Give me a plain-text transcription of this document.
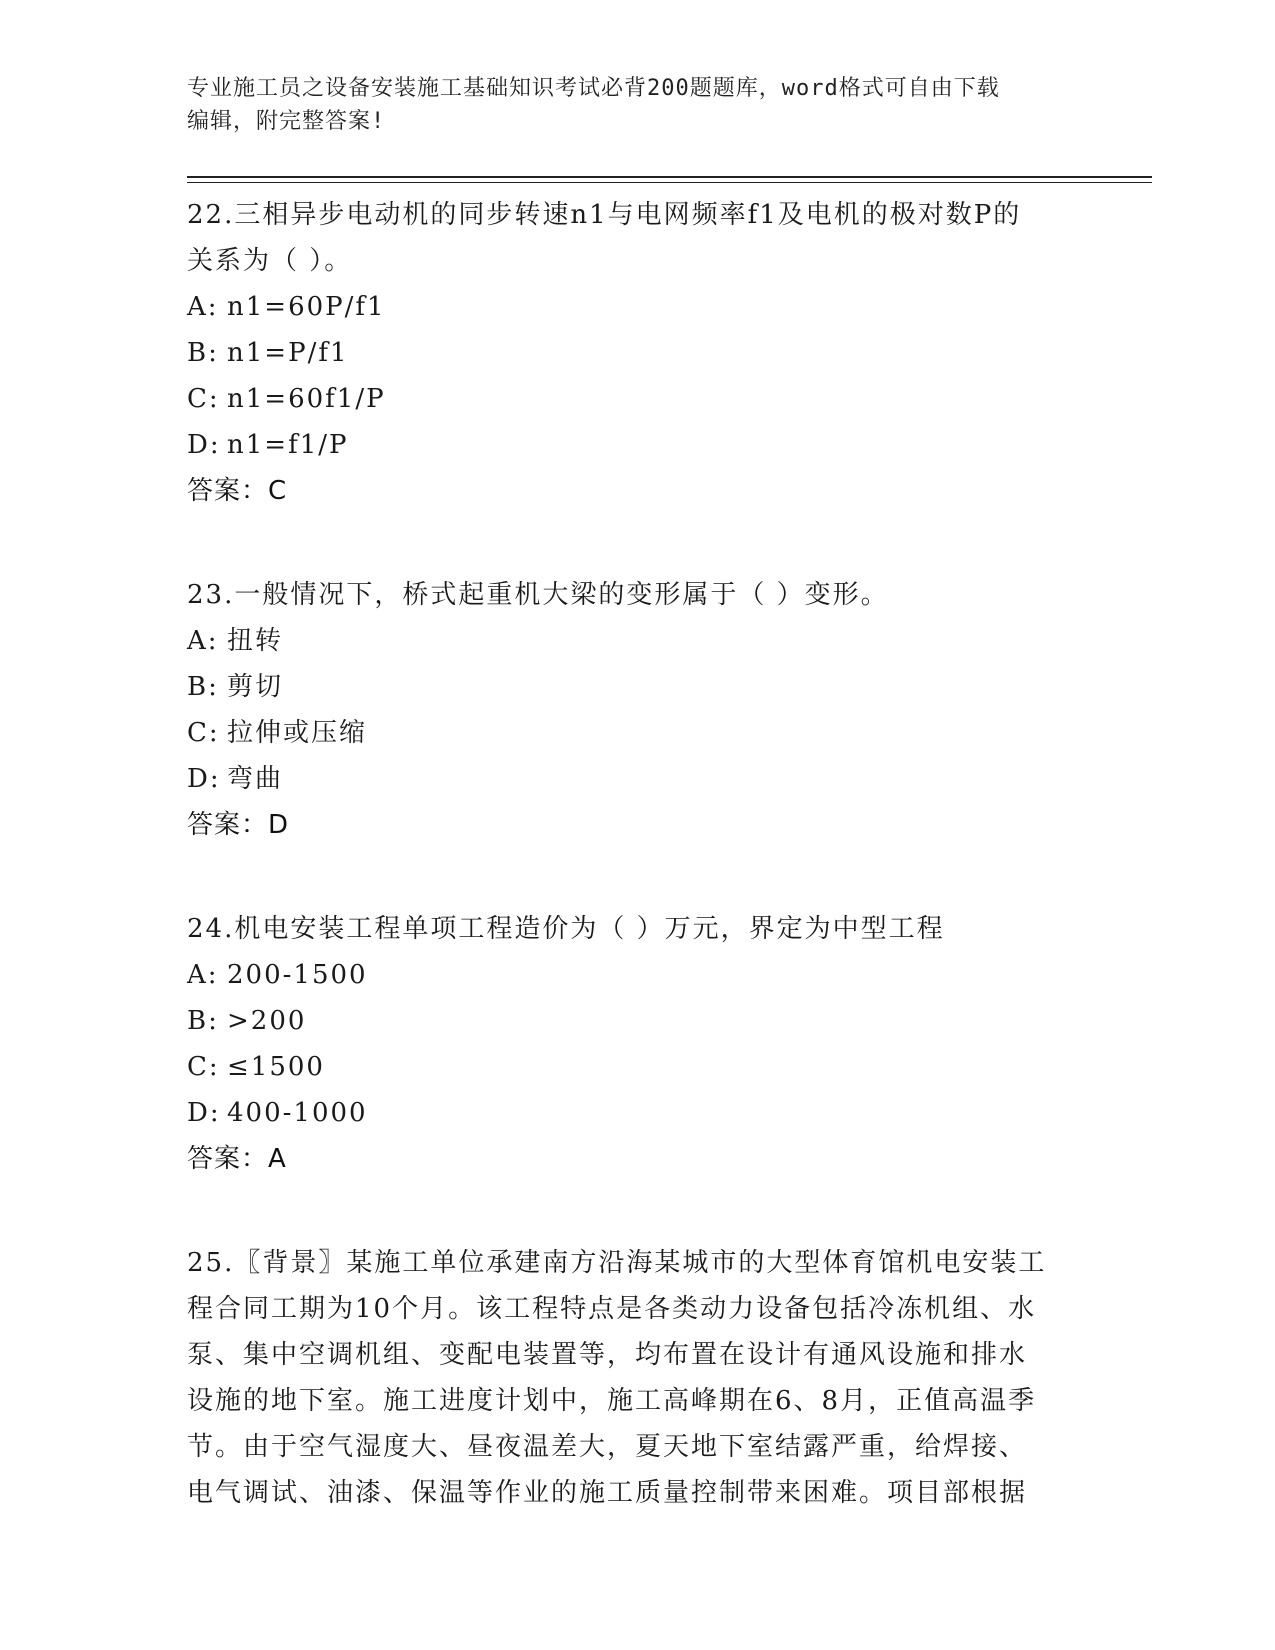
专业施工员之设备安装施工基础知识考试必背200题题库，word格式可自由下载
编辑，附完整答案!
22.三相异步电动机的同步转速n1与电网频率f1及电机的极对数P的
关系为（ ）。
A: n1=60P/f1
B: n1=P/f1
C: n1=60f1/P
D: n1=f1/P
答案：C
23.一般情况下，桥式起重机大梁的变形属于（ ）变形。
A: 扭转
B: 剪切
C: 拉伸或压缩
D: 弯曲
答案：D
24.机电安装工程单项工程造价为（ ）万元，界定为中型工程
A: 200-1500
B: >200
C: ≤1500
D: 400-1000
答案：A
25.〖背景〗某施工单位承建南方沿海某城市的大型体育馆机电安装工
程合同工期为10个月。该工程特点是各类动力设备包括冷冻机组、水
泵、集中空调机组、变配电装置等，均布置在设计有通风设施和排水
设施的地下室。施工进度计划中，施工高峰期在6、8月，正值高温季
节。由于空气湿度大、昼夜温差大，夏天地下室结露严重，给焊接、
电气调试、油漆、保温等作业的施工质量控制带来困难。项目部根据
